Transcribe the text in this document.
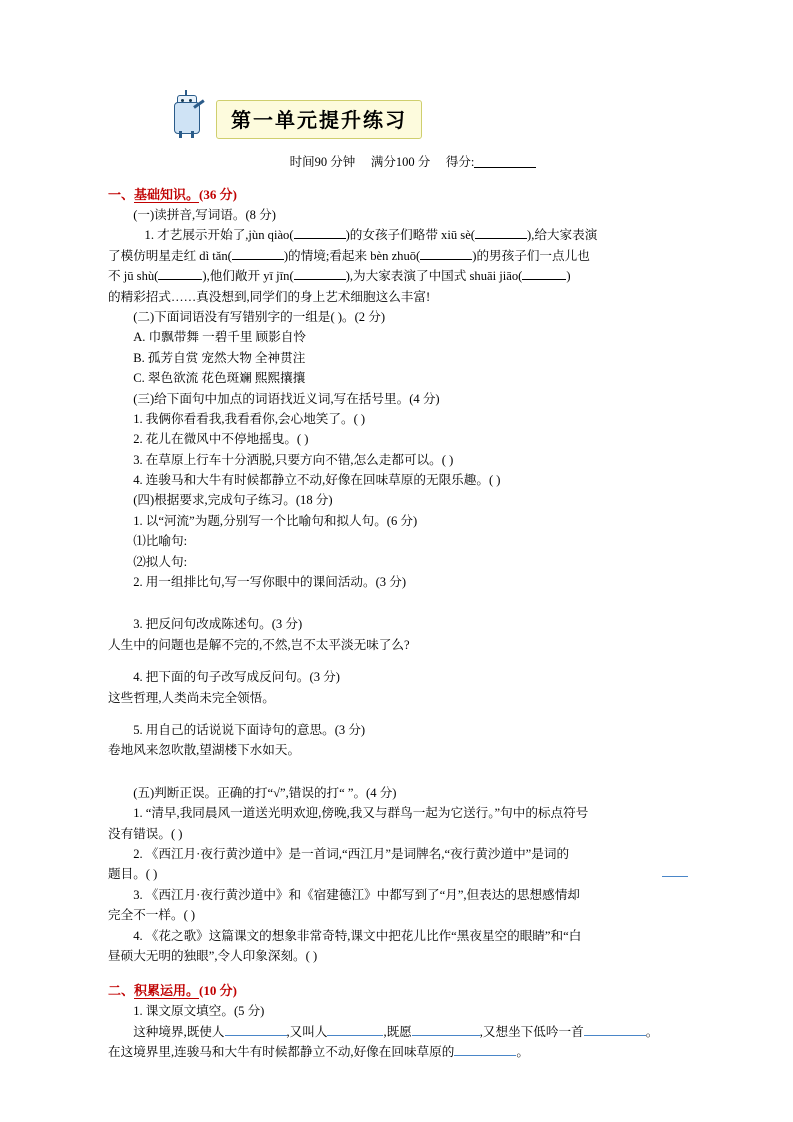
第一单元提升练习
时间90 分钟 满分100 分 得分:
一、基础知识。(36 分)

(一)读拼音,写词语。(8 分)

1. 才艺展示开始了,jùn qiào(	)的女孩子们略带 xiū sè(	),给大家表演

了模仿明星走红 dì tǎn(	)的情境;看起来 bèn zhuō(	)的男孩子们一点儿也

不 jū shù(	),他们敞开 yī jīn(	),为大家表演了中国式 shuāi jiāo(	)

的精彩招式……真没想到,同学们的身上艺术细胞这么丰富!

(二)下面词语没有写错别字的一组是( )。(2 分)

A. 巾飘带舞 一碧千里 顾影自怜

B. 孤芳自赏 宠然大物 全神贯注

C. 翠色欲流 花色斑斓 熙熙攘攘

(三)给下面句中加点的词语找近义词,写在括号里。(4 分)

1. 我俩你看看我,我看看你,会心地笑了。( )

2. 花儿在微风中不停地摇曳。( )

3. 在草原上行车十分洒脱,只要方向不错,怎么走都可以。( )

4. 连骏马和大牛有时候都静立不动,好像在回味草原的无限乐趣。( )

(四)根据要求,完成句子练习。(18 分)

1. 以“河流”为题,分别写一个比喻句和拟人句。(6 分)

⑴比喻句:

⑵拟人句:

2. 用一组排比句,写一写你眼中的课间活动。(3 分)

3. 把反问句改成陈述句。(3 分)

人生中的问题也是解不完的,不然,岂不太平淡无味了么?

4. 把下面的句子改写成反问句。(3 分)

这些哲理,人类尚未完全领悟。

5. 用自己的话说说下面诗句的意思。(3 分)

卷地风来忽吹散,望湖楼下水如天。

(五)判断正误。正确的打“√”,错误的打“ ”。(4 分)

1. “清早,我同晨风一道送光明欢迎,傍晚,我又与群鸟一起为它送行。”句中的标点符号

没有错误。( )

2. 《西江月·夜行黄沙道中》是一首词,“西江月”是词牌名,“夜行黄沙道中”是词的

题目。( )

3. 《西江月·夜行黄沙道中》和《宿建德江》中都写到了“月”,但表达的思想感情却

完全不一样。( )

4. 《花之歌》这篇课文的想象非常奇特,课文中把花儿比作“黑夜星空的眼睛”和“白

昼硕大无明的独眼”,令人印象深刻。( )

二、积累运用。(10 分)

1. 课文原文填空。(5 分)

这种境界,既使人	,又叫人	,既愿	,又想坐下低吟一首	。

在这境界里,连骏马和大牛有时候都静立不动,好像在回味草原的	。
